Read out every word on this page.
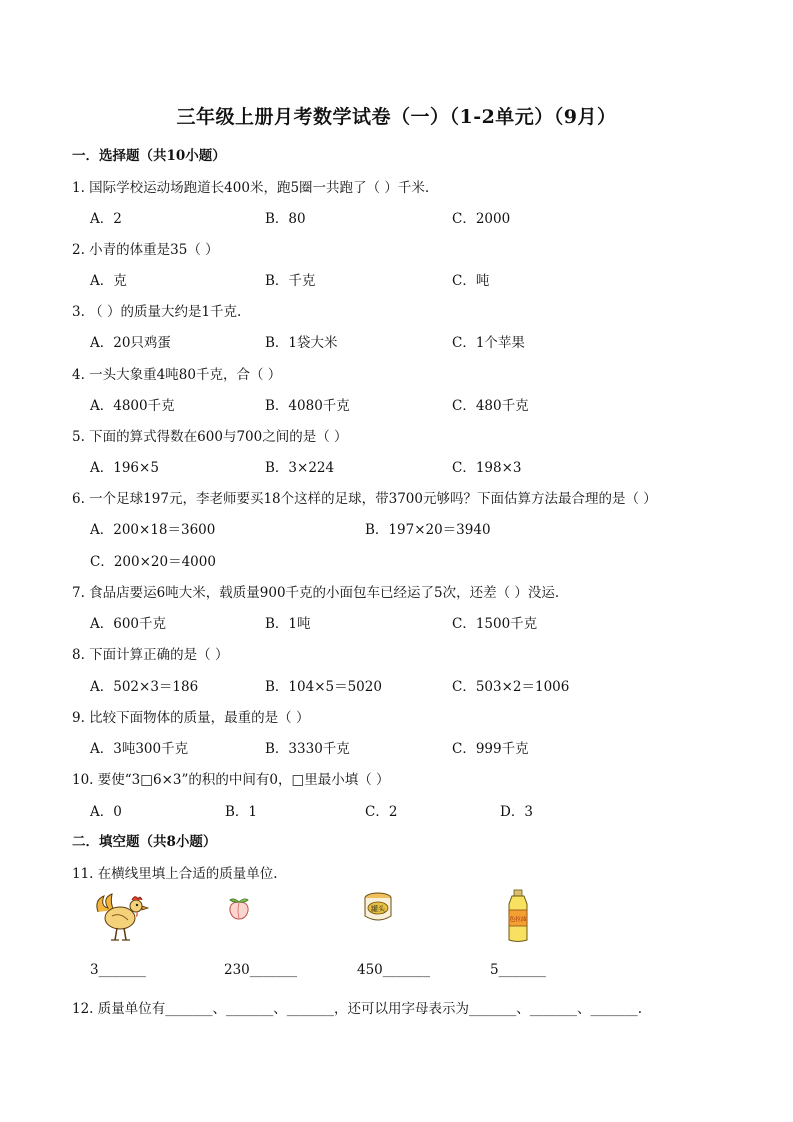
三年级上册月考数学试卷（一）（1-2单元）（9月）
一．选择题（共10小题）
1. 国际学校运动场跑道长400米，跑5圈一共跑了（ ）千米.
A．2	B．80	C．2000
2. 小青的体重是35（ ）
A．克	B．千克	C．吨
3. （ ）的质量大约是1千克.
A．20只鸡蛋	B．1袋大米	C．1个苹果
4. 一头大象重4吨80千克，合（ ）
A．4800千克	B．4080千克	C．480千克
5. 下面的算式得数在600与700之间的是（ ）
A．196×5	B．3×224	C．198×3
6. 一个足球197元，李老师要买18个这样的足球，带3700元够吗？下面估算方法最合理的是（ ）
A．200×18＝3600	B．197×20＝3940
C．200×20＝4000
7. 食品店要运6吨大米，载质量900千克的小面包车已经运了5次，还差（ ）没运.
A．600千克	B．1吨	C．1500千克
8. 下面计算正确的是（ ）
A．502×3＝186	B．104×5＝5020	C．503×2＝1006
9. 比较下面物体的质量，最重的是（ ）
A．3吨300千克	B．3330千克	C．999千克
10. 要使“3□6×3”的积的中间有0，□里最小填（ ）
A．0	B．1	C．2	D．3
二．填空题（共8小题）
11. 在横线里填上合适的质量单位.
罐头
色拉油
3_______	230_______	450_______	5_______
12. 质量单位有_______、_______、_______，还可以用字母表示为_______、_______、_______.
